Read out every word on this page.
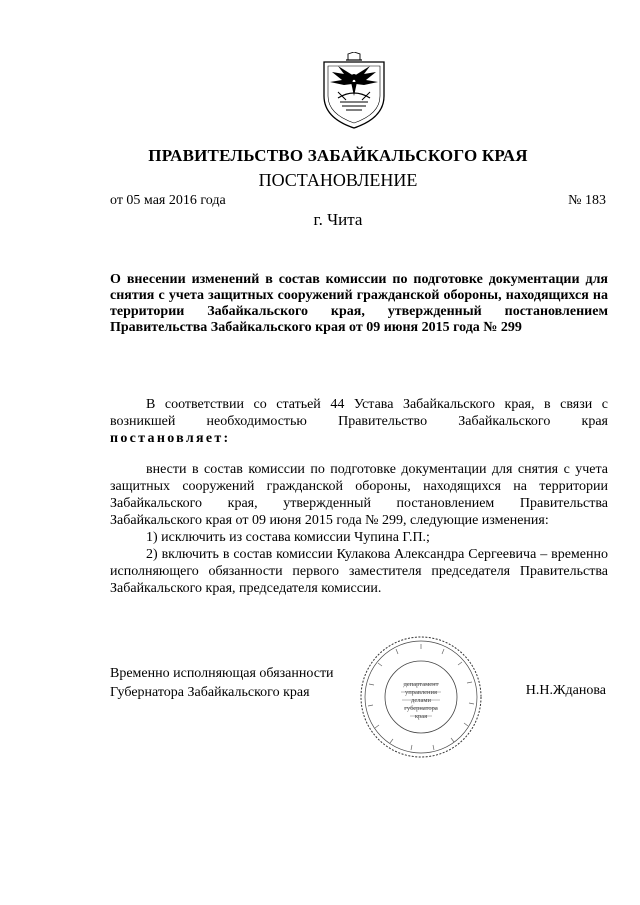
ПРАВИТЕЛЬСТВО ЗАБАЙКАЛЬСКОГО КРАЯ
ПОСТАНОВЛЕНИЕ
от 05 мая 2016 года	№ 183
г. Чита
О внесении изменений в состав комиссии по подготовке документации для снятия с учета защитных сооружений гражданской обороны, находящихся на территории Забайкальского края, утвержденный постановлением Правительства Забайкальского края от 09 июня 2015 года № 299
В соответствии со статьей 44 Устава Забайкальского края, в связи с возникшей необходимостью Правительство Забайкальского края постановляет:

внести в состав комиссии по подготовке документации для снятия с учета защитных сооружений гражданской обороны, находящихся на территории Забайкальского края, утвержденный постановлением Правительства Забайкальского края от 09 июня 2015 года № 299, следующие изменения:

1) исключить из состава комиссии Чупина Г.П.;

2) включить в состав комиссии Кулакова Александра Сергеевича – временно исполняющего обязанности первого заместителя председателя Правительства Забайкальского края, председателя комиссии.

Временно исполняющая обязанности
Губернатора Забайкальского края	Н.Н.Жданова
департамент
управления
делами
губернатора
края
